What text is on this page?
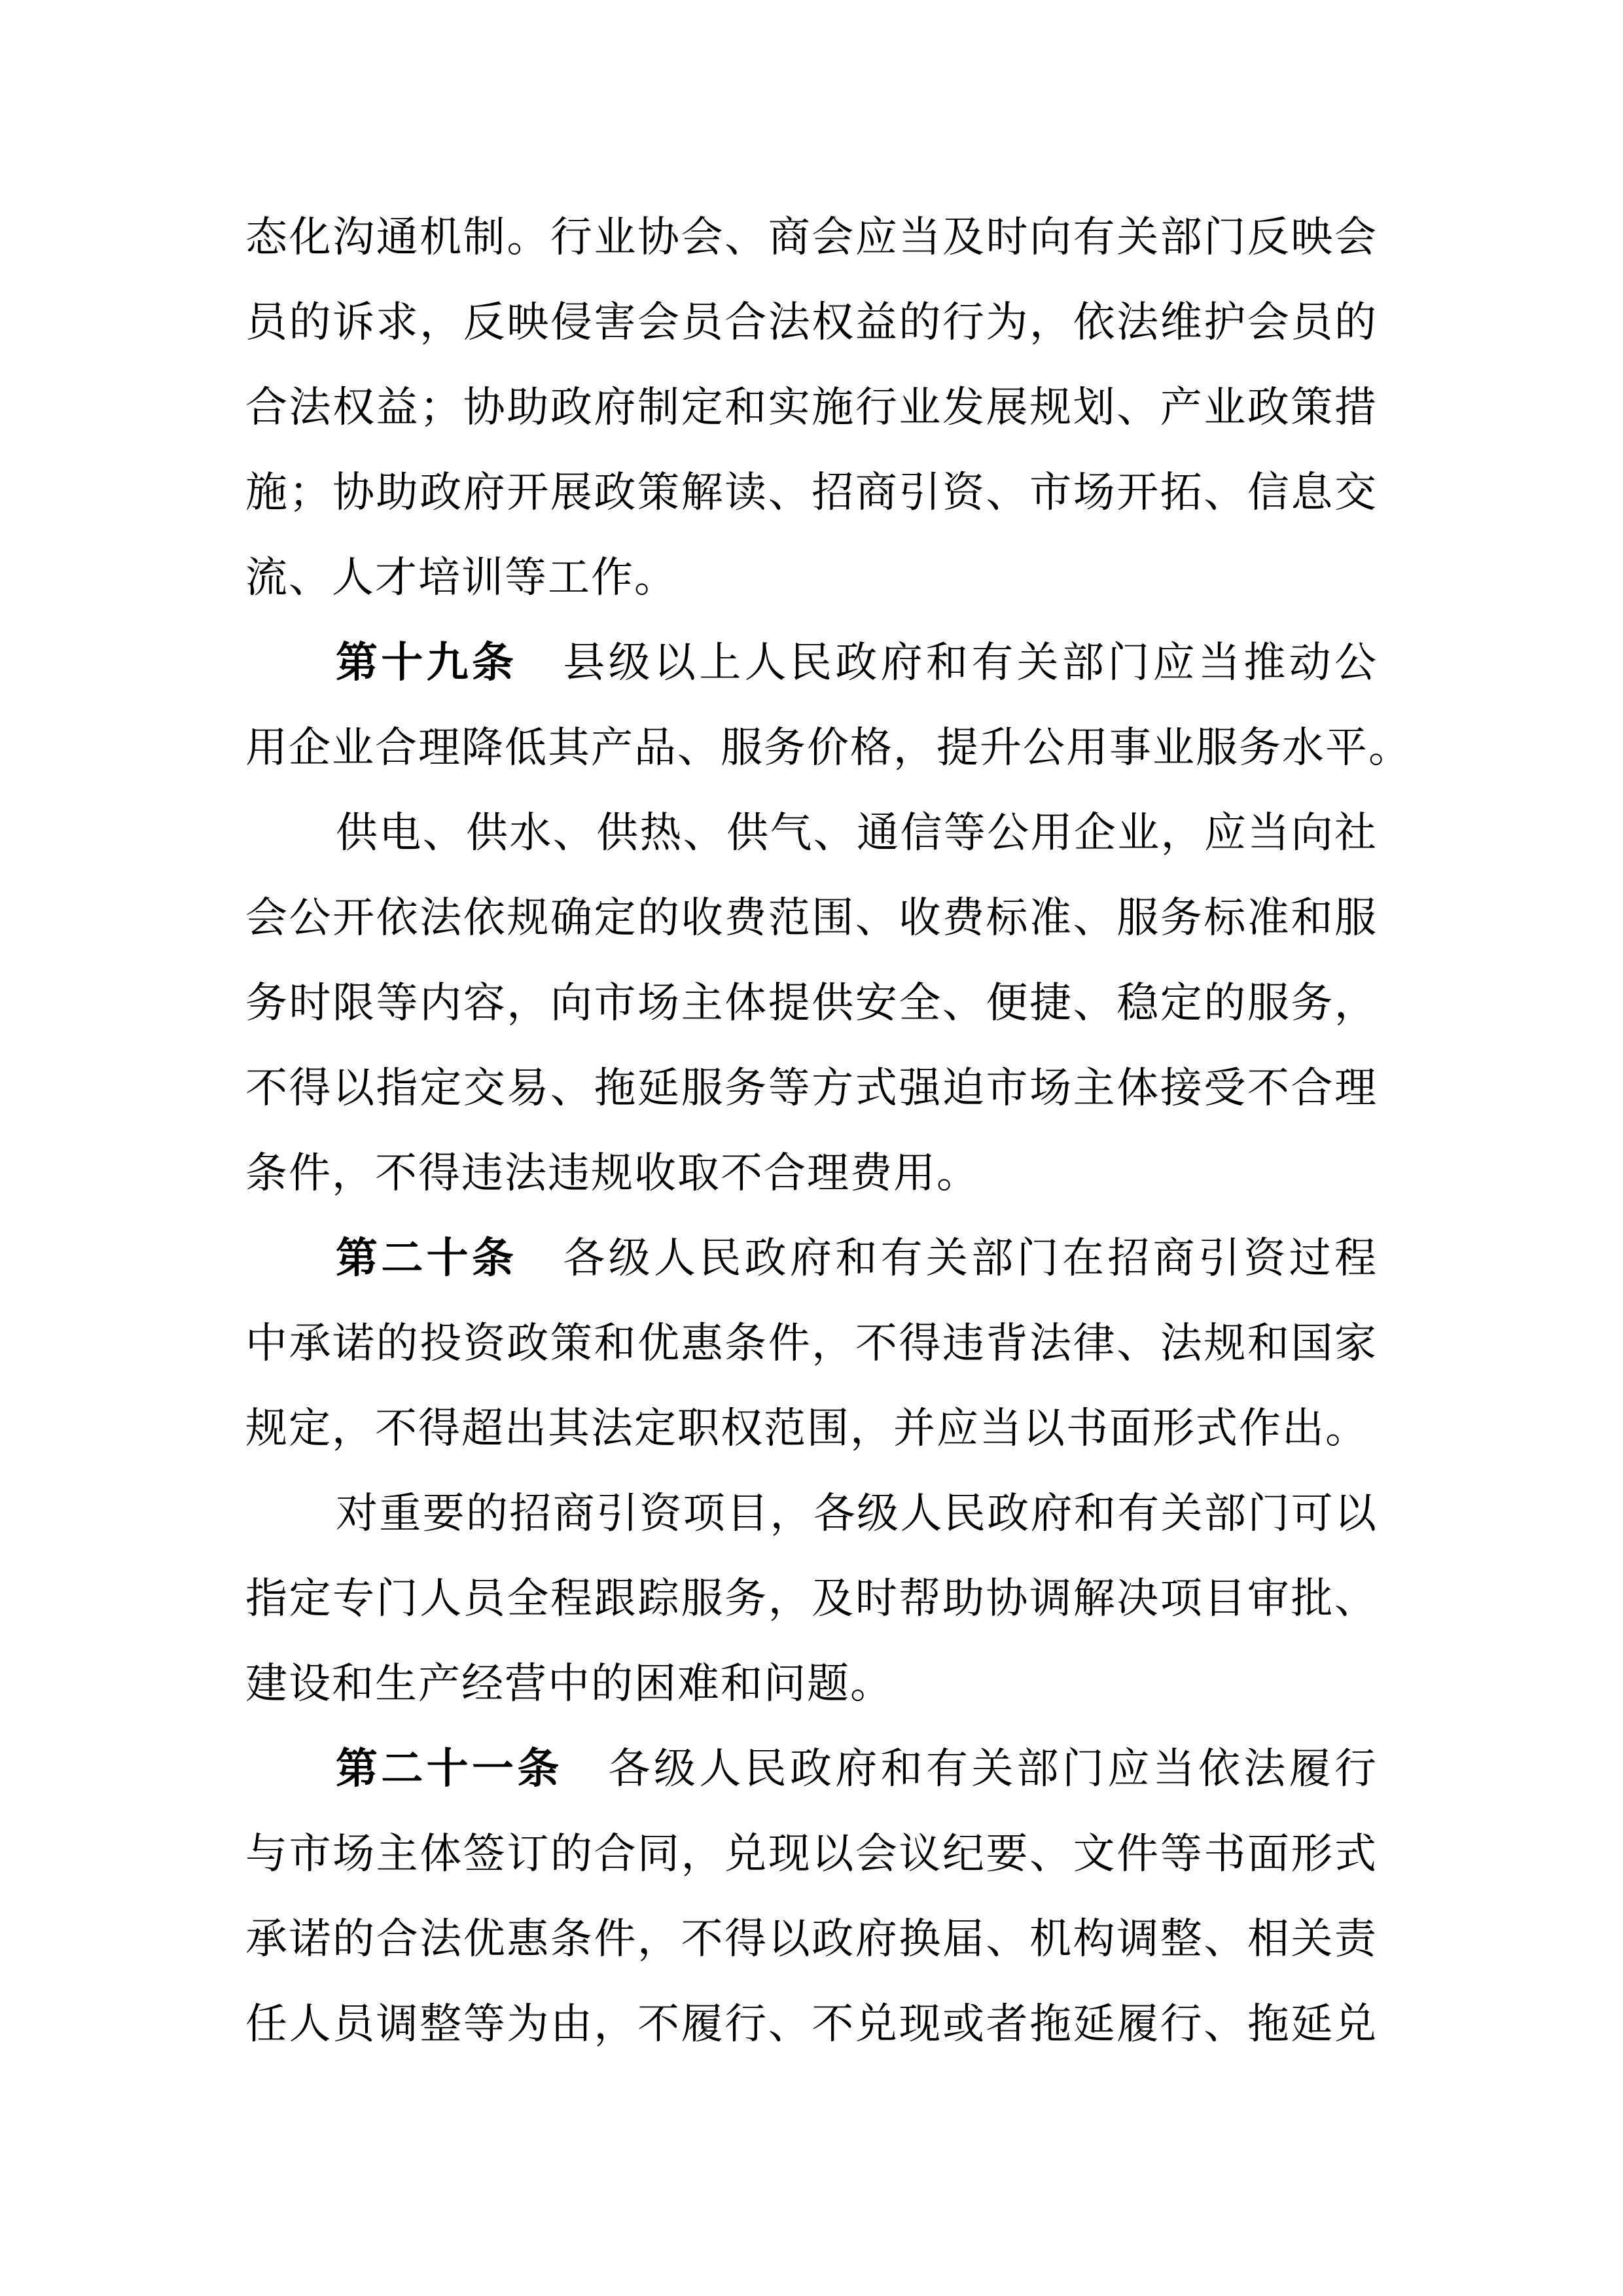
态化沟通机制。行业协会、商会应当及时向有关部门反映会
员的诉求，反映侵害会员合法权益的行为，依法维护会员的
合法权益；协助政府制定和实施行业发展规划、产业政策措
施；协助政府开展政策解读、招商引资、市场开拓、信息交
流、人才培训等工作。
第十九条 县级以上人民政府和有关部门应当推动公
用企业合理降低其产品、服务价格，提升公用事业服务水平。
供电、供水、供热、供气、通信等公用企业，应当向社
会公开依法依规确定的收费范围、收费标准、服务标准和服
务时限等内容，向市场主体提供安全、便捷、稳定的服务，
不得以指定交易、拖延服务等方式强迫市场主体接受不合理
条件，不得违法违规收取不合理费用。
第二十条 各级人民政府和有关部门在招商引资过程
中承诺的投资政策和优惠条件，不得违背法律、法规和国家
规定，不得超出其法定职权范围，并应当以书面形式作出。
对重要的招商引资项目，各级人民政府和有关部门可以
指定专门人员全程跟踪服务，及时帮助协调解决项目审批、
建设和生产经营中的困难和问题。
第二十一条 各级人民政府和有关部门应当依法履行
与市场主体签订的合同，兑现以会议纪要、文件等书面形式
承诺的合法优惠条件，不得以政府换届、机构调整、相关责
任人员调整等为由，不履行、不兑现或者拖延履行、拖延兑
